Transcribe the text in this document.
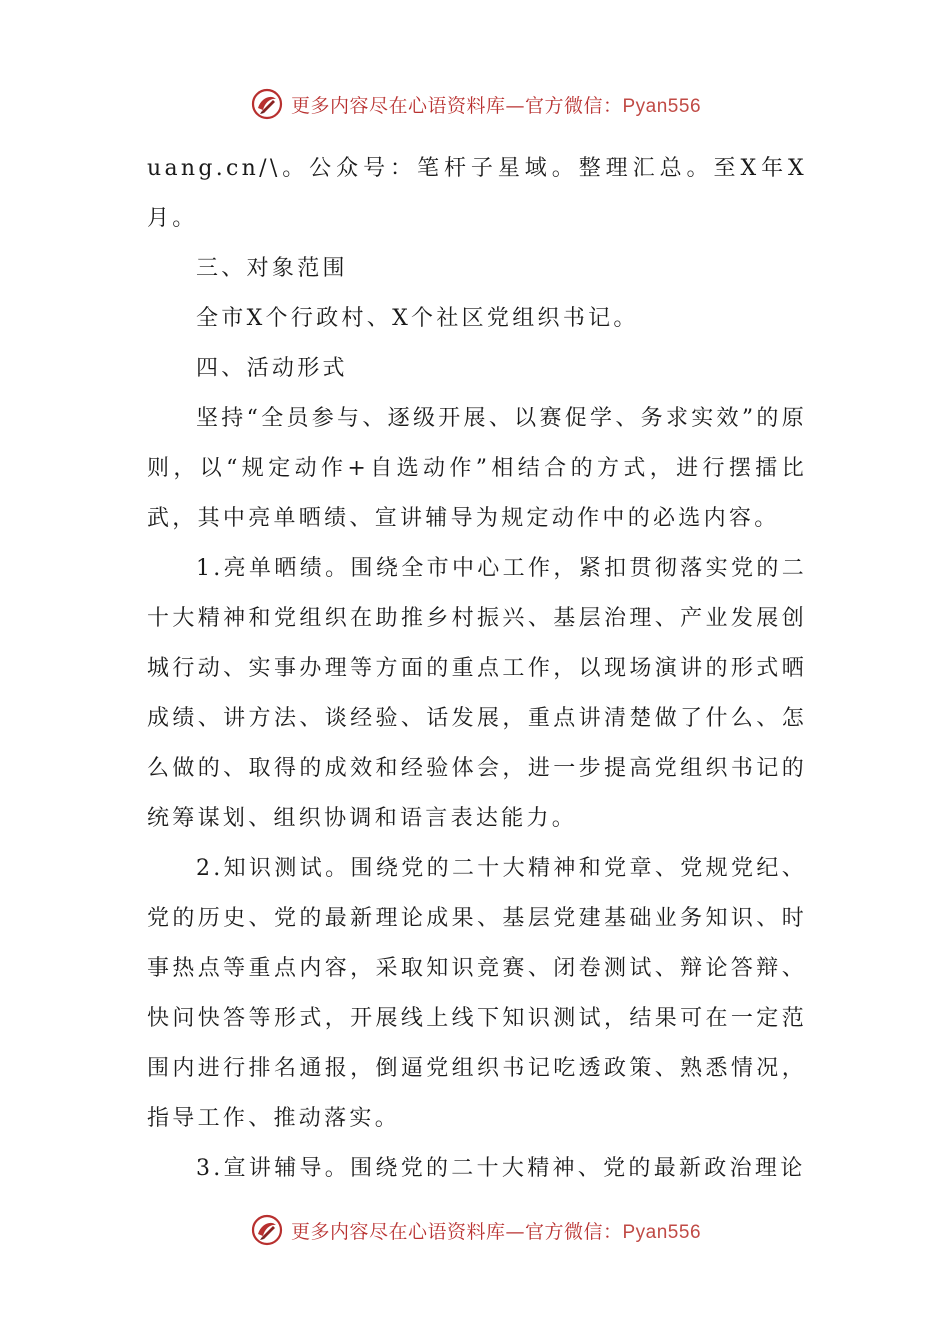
更多内容尽在心语资料库—官方微信：Pyan556

uang.cn/\。公众号：笔杆子星域。整理汇总。至X年X月。

三、对象范围

全市X个行政村、X个社区党组织书记。

四、活动形式

坚持“全员参与、逐级开展、以赛促学、务求实效”的原则，以“规定动作+自选动作”相结合的方式，进行摆擂比武，其中亮单晒绩、宣讲辅导为规定动作中的必选内容。

1.亮单晒绩。围绕全市中心工作，紧扣贯彻落实党的二十大精神和党组织在助推乡村振兴、基层治理、产业发展创城行动、实事办理等方面的重点工作，以现场演讲的形式晒成绩、讲方法、谈经验、话发展，重点讲清楚做了什么、怎么做的、取得的成效和经验体会，进一步提高党组织书记的统筹谋划、组织协调和语言表达能力。

2.知识测试。围绕党的二十大精神和党章、党规党纪、党的历史、党的最新理论成果、基层党建基础业务知识、时事热点等重点内容，采取知识竞赛、闭卷测试、辩论答辩、快问快答等形式，开展线上线下知识测试，结果可在一定范围内进行排名通报，倒逼党组织书记吃透政策、熟悉情况，指导工作、推动落实。

3.宣讲辅导。围绕党的二十大精神、党的最新政治理论

更多内容尽在心语资料库—官方微信：Pyan556
